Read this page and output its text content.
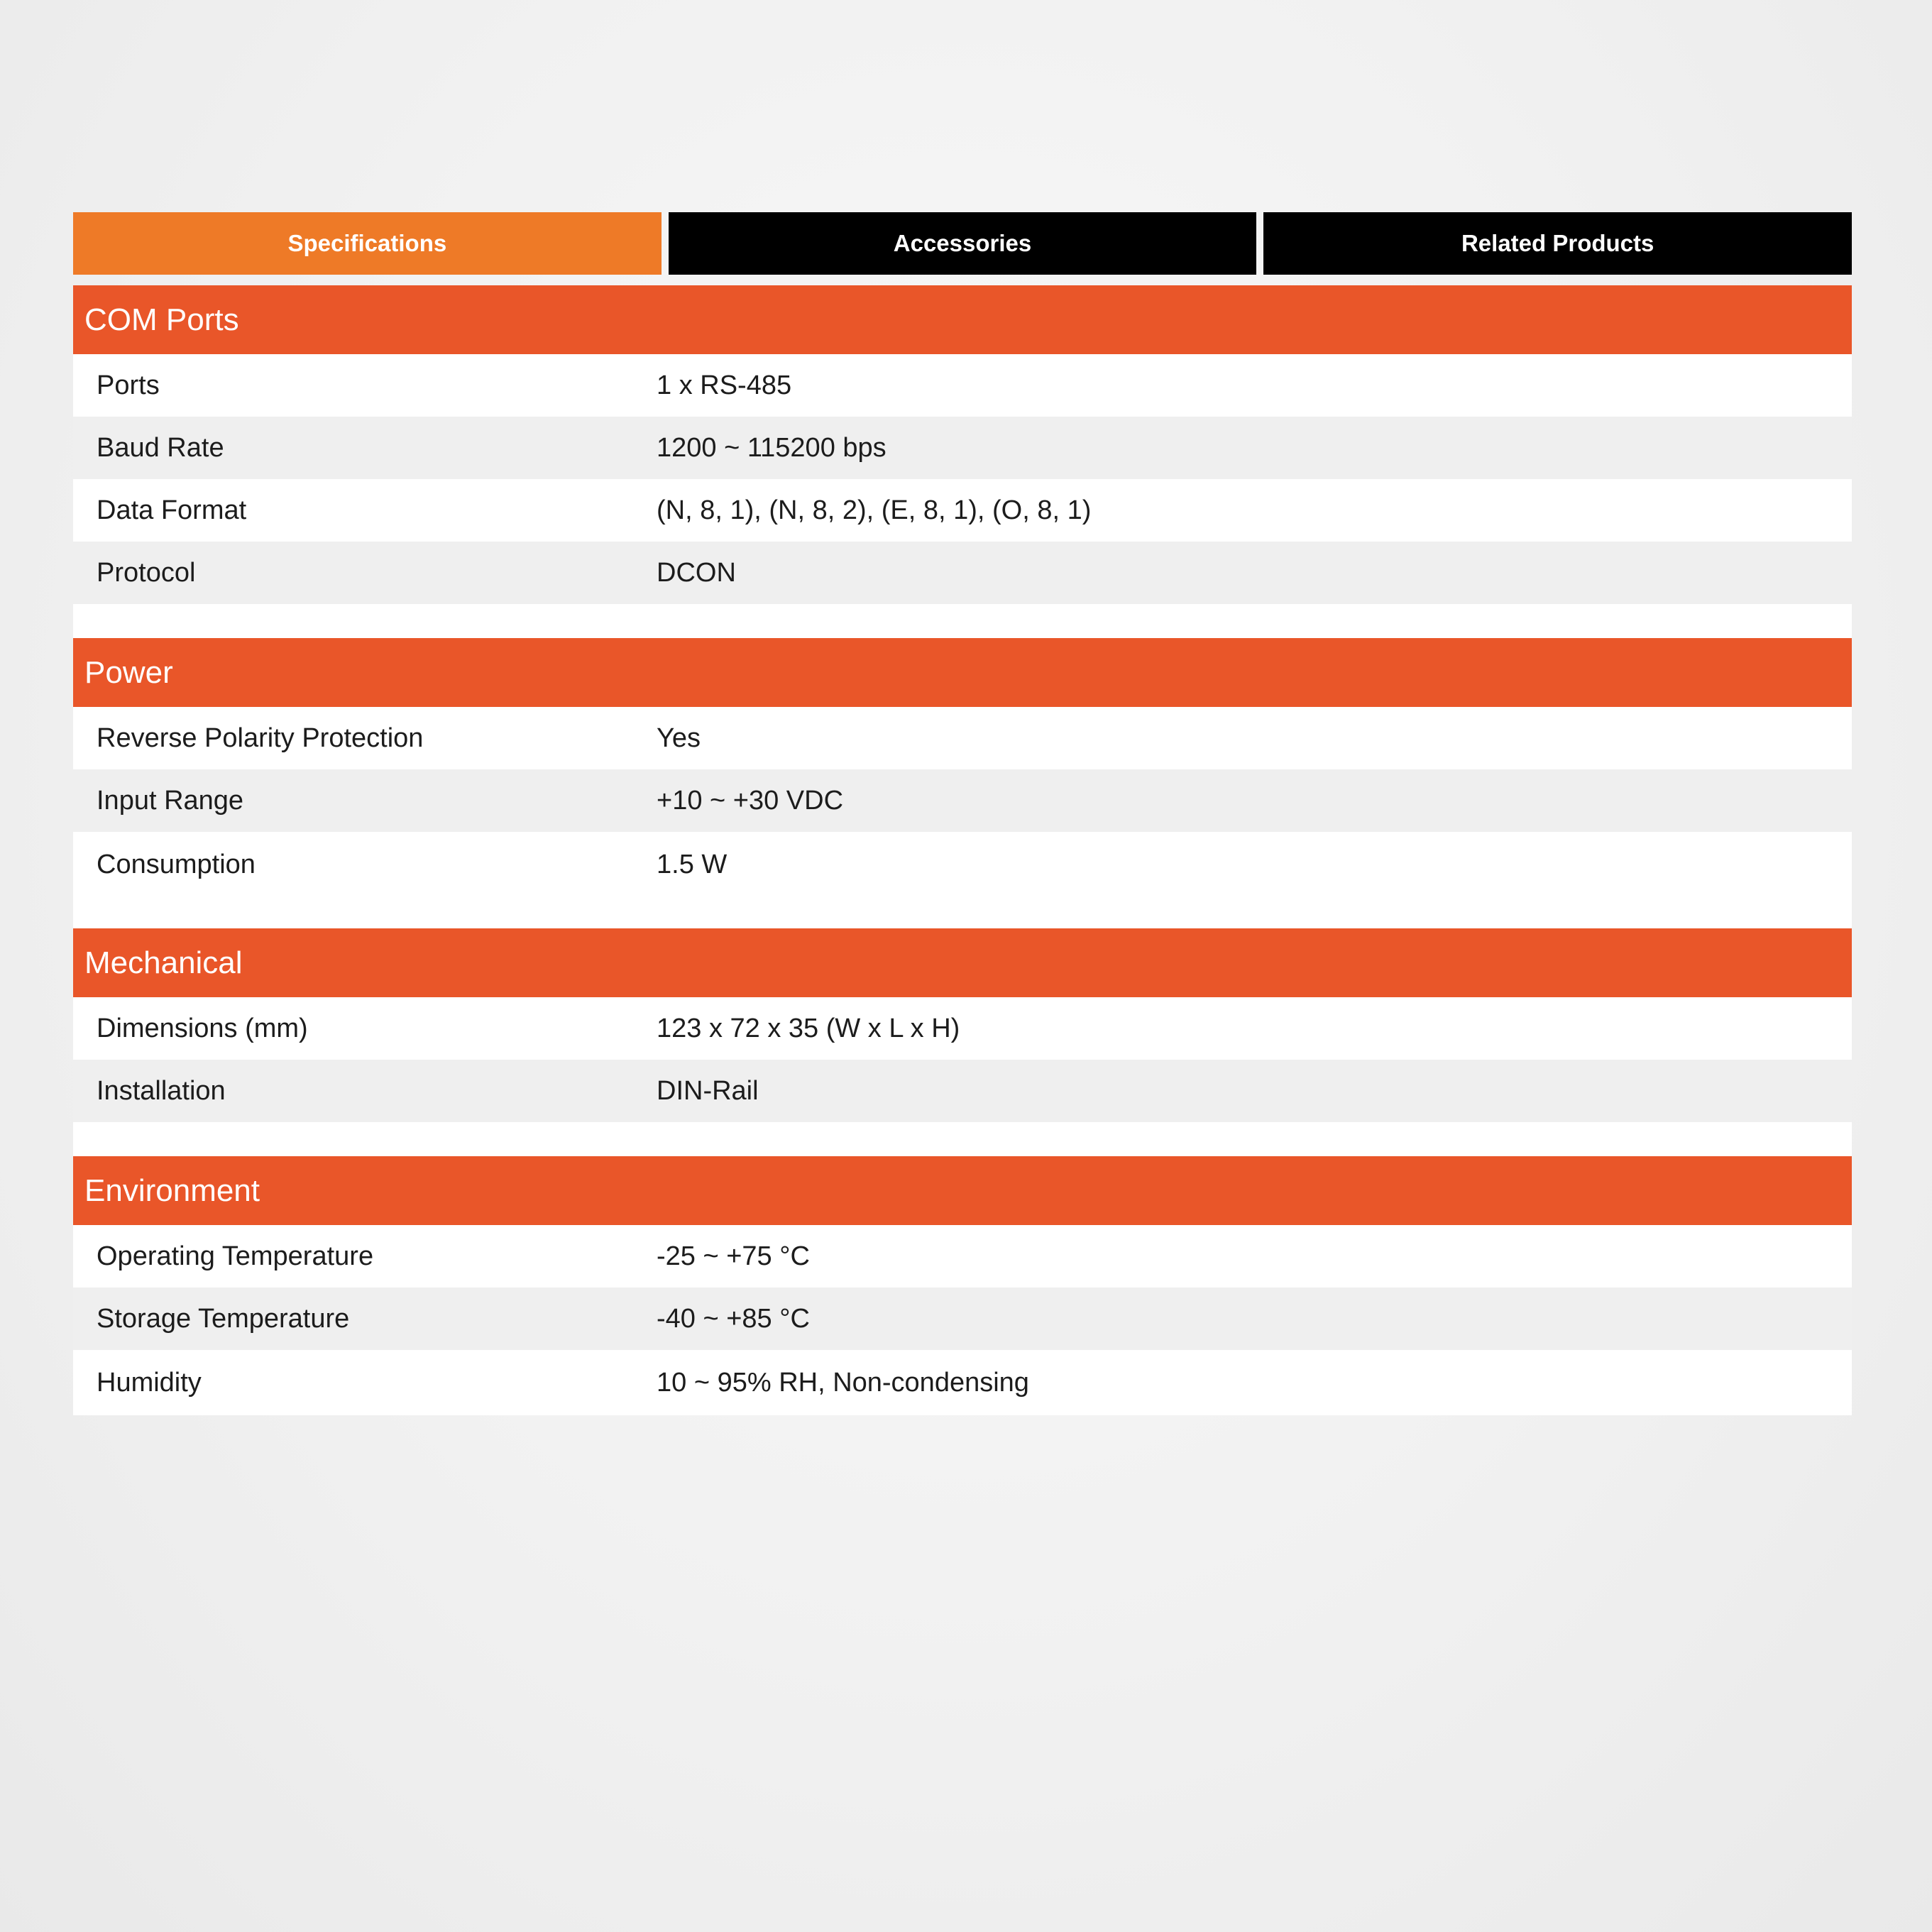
Specifications	Accessories	Related Products
COM Ports
Ports	1 x RS-485
Baud Rate	1200 ~ 115200 bps
Data Format	(N, 8, 1), (N, 8, 2), (E, 8, 1), (O, 8, 1)
Protocol	DCON
Power
Reverse Polarity Protection	Yes
Input Range	+10 ~ +30 VDC
Consumption	1.5 W
Mechanical
Dimensions (mm)	123 x 72 x 35 (W x L x H)
Installation	DIN-Rail
Environment
Operating Temperature	-25 ~ +75 °C
Storage Temperature	-40 ~ +85 °C
Humidity	10 ~ 95% RH, Non-condensing
